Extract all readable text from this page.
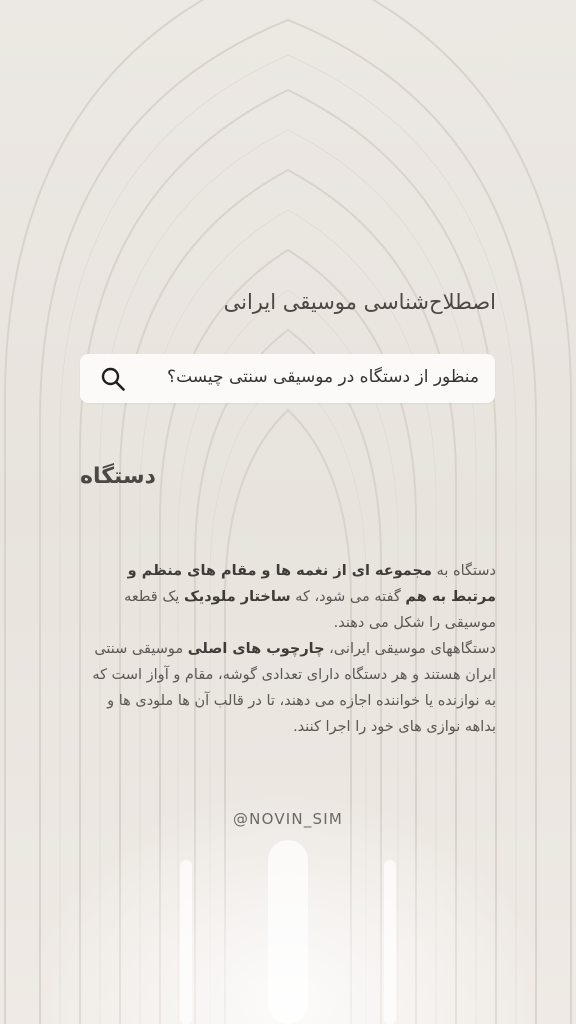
اصطلاح‌شناسی موسیقی ایرانی
منظور از دستگاه در موسیقی سنتی چیست؟
دستگاه
دستگاه به مجموعه ای از نغمه ها و مقام های منظم و مرتبط به هم گفته می شود، که ساختار ملودیک یک قطعه موسیقی را شکل می دهند.
دستگاههای موسیقی ایرانی، چارچوب های اصلی موسیقی سنتی ایران هستند و هر دستگاه دارای تعدادی گوشه، مقام و آواز است که به نوازنده یا خواننده اجازه می دهند، تا در قالب آن ها ملودی ها و بداهه نوازی های خود را اجرا کنند.
@NOVIN_SIM
